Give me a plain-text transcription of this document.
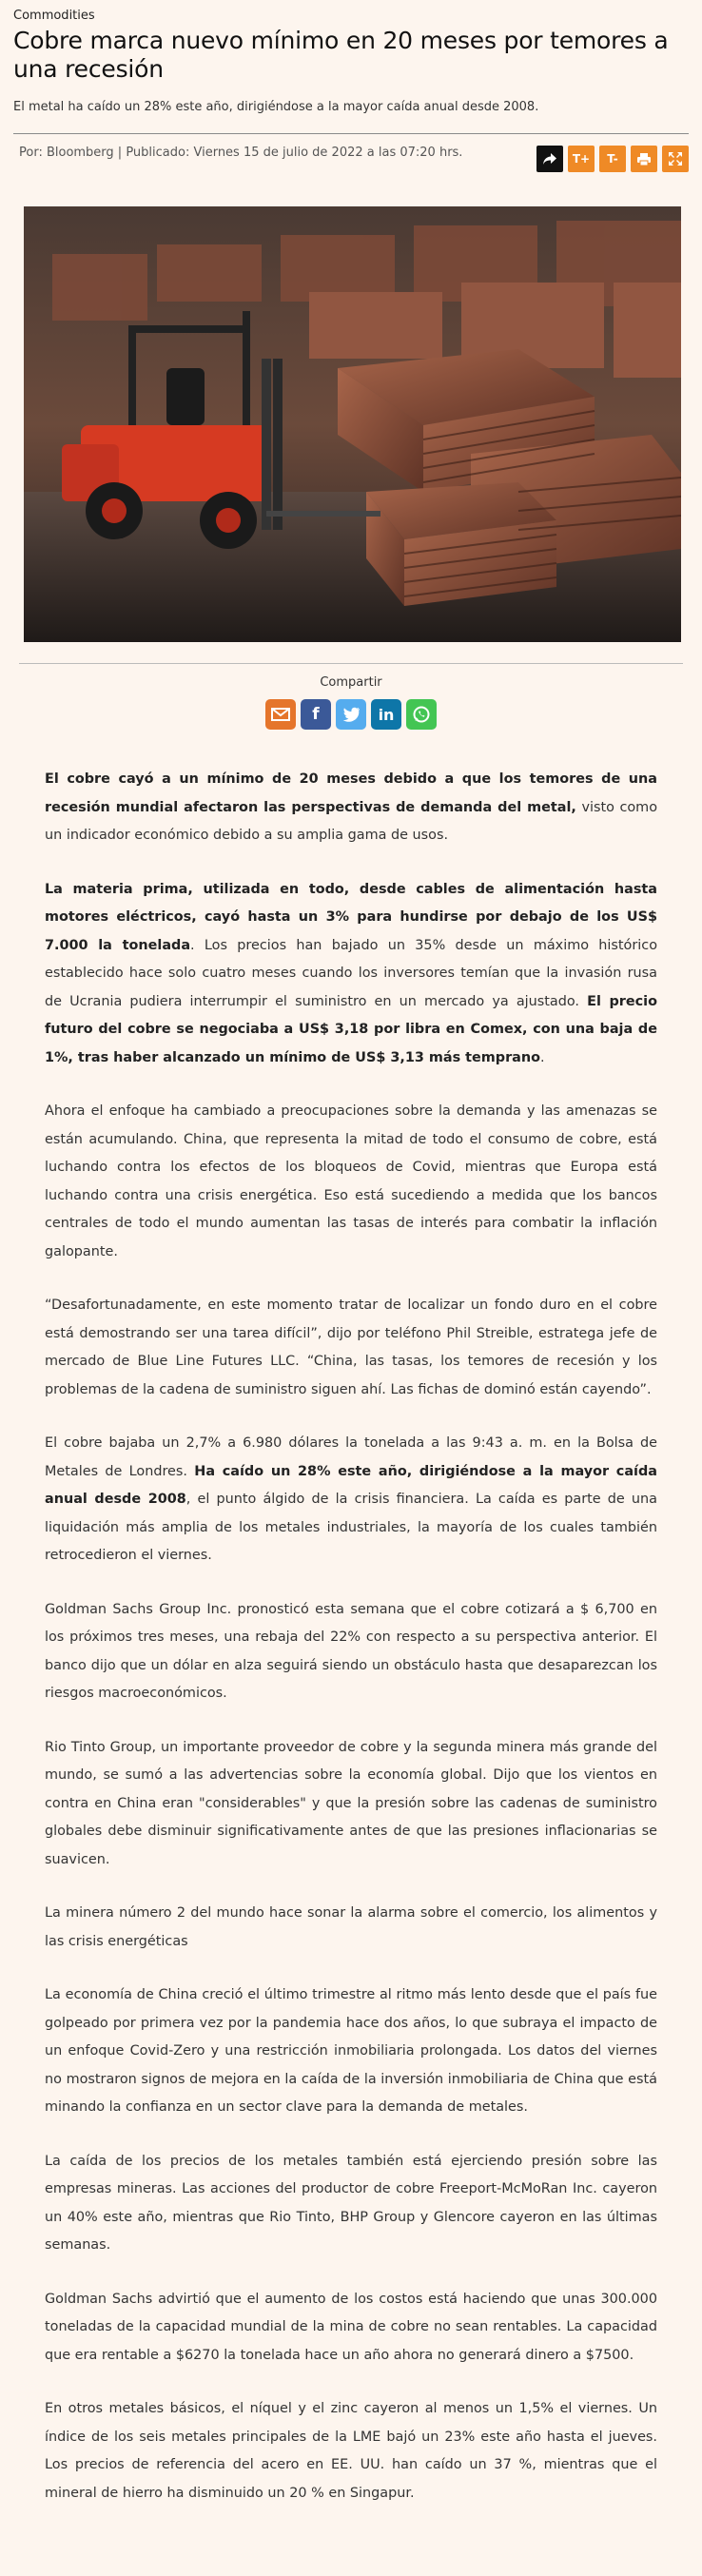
Commodities
Cobre marca nuevo mínimo en 20 meses por temores a una recesión
El metal ha caído un 28% este año, dirigiéndose a la mayor caída anual desde 2008.
Por: Bloomberg | Publicado: Viernes 15 de julio de 2022 a las 07:20 hrs.	T+	T-
Compartir
f	in

El cobre cayó a un mínimo de 20 meses debido a que los temores de una recesión mundial afectaron las perspectivas de demanda del metal, visto como un indicador económico debido a su amplia gama de usos.

La materia prima, utilizada en todo, desde cables de alimentación hasta motores eléctricos, cayó hasta un 3% para hundirse por debajo de los US$ 7.000 la tonelada. Los precios han bajado un 35% desde un máximo histórico establecido hace solo cuatro meses cuando los inversores temían que la invasión rusa de Ucrania pudiera interrumpir el suministro en un mercado ya ajustado. El precio futuro del cobre se negociaba a US$ 3,18 por libra en Comex, con una baja de 1%, tras haber alcanzado un mínimo de US$ 3,13 más temprano.

Ahora el enfoque ha cambiado a preocupaciones sobre la demanda y las amenazas se están acumulando. China, que representa la mitad de todo el consumo de cobre, está luchando contra los efectos de los bloqueos de Covid, mientras que Europa está luchando contra una crisis energética. Eso está sucediendo a medida que los bancos centrales de todo el mundo aumentan las tasas de interés para combatir la inflación galopante.

“Desafortunadamente, en este momento tratar de localizar un fondo duro en el cobre está demostrando ser una tarea difícil”, dijo por teléfono Phil Streible, estratega jefe de mercado de Blue Line Futures LLC. “China, las tasas, los temores de recesión y los problemas de la cadena de suministro siguen ahí. Las fichas de dominó están cayendo”.

El cobre bajaba un 2,7% a 6.980 dólares la tonelada a las 9:43 a. m. en la Bolsa de Metales de Londres. Ha caído un 28% este año, dirigiéndose a la mayor caída anual desde 2008, el punto álgido de la crisis financiera. La caída es parte de una liquidación más amplia de los metales industriales, la mayoría de los cuales también retrocedieron el viernes.

Goldman Sachs Group Inc. pronosticó esta semana que el cobre cotizará a $ 6,700 en los próximos tres meses, una rebaja del 22% con respecto a su perspectiva anterior. El banco dijo que un dólar en alza seguirá siendo un obstáculo hasta que desaparezcan los riesgos macroeconómicos.

Rio Tinto Group, un importante proveedor de cobre y la segunda minera más grande del mundo, se sumó a las advertencias sobre la economía global. Dijo que los vientos en contra en China eran "considerables" y que la presión sobre las cadenas de suministro globales debe disminuir significativamente antes de que las presiones inflacionarias se suavicen.

La minera número 2 del mundo hace sonar la alarma sobre el comercio, los alimentos y las crisis energéticas

La economía de China creció el último trimestre al ritmo más lento desde que el país fue golpeado por primera vez por la pandemia hace dos años, lo que subraya el impacto de un enfoque Covid-Zero y una restricción inmobiliaria prolongada. Los datos del viernes no mostraron signos de mejora en la caída de la inversión inmobiliaria de China que está minando la confianza en un sector clave para la demanda de metales.

La caída de los precios de los metales también está ejerciendo presión sobre las empresas mineras. Las acciones del productor de cobre Freeport-McMoRan Inc. cayeron un 40% este año, mientras que Rio Tinto, BHP Group y Glencore cayeron en las últimas semanas.

Goldman Sachs advirtió que el aumento de los costos está haciendo que unas 300.000 toneladas de la capacidad mundial de la mina de cobre no sean rentables. La capacidad que era rentable a $6270 la tonelada hace un año ahora no generará dinero a $7500.

En otros metales básicos, el níquel y el zinc cayeron al menos un 1,5% el viernes. Un índice de los seis metales principales de la LME bajó un 23% este año hasta el jueves. Los precios de referencia del acero en EE. UU. han caído un 37 %, mientras que el mineral de hierro ha disminuido un 20 % en Singapur.
